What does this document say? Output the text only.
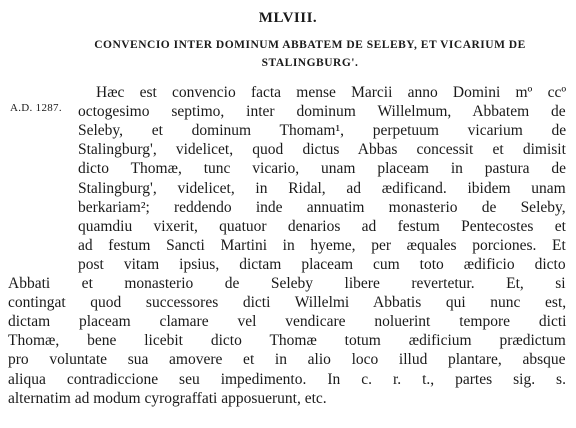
MLVIII.
CONVENCIO INTER DOMINUM ABBATEM DE SELEBY, ET VICARIUM DE STALINGBURG'.
A.D. 1287.
Hæc est convencio facta mense Marcii anno Domini mº ccº
octogesimo septimo, inter dominum Willelmum, Abbatem de
Seleby, et dominum Thomam¹, perpetuum vicarium de
Stalingburg', videlicet, quod dictus Abbas concessit et dimisit
dicto Thomæ, tunc vicario, unam placeam in pastura de
Stalingburg', videlicet, in Ridal, ad ædificand. ibidem unam
berkariam²; reddendo inde annuatim monasterio de Seleby,
quamdiu vixerit, quatuor denarios ad festum Pentecostes et
ad festum Sancti Martini in hyeme, per æquales porciones. Et
post vitam ipsius, dictam placeam cum toto ædificio dicto
Abbati et monasterio de Seleby libere revertetur. Et, si
contingat quod successores dicti Willelmi Abbatis qui nunc est,
dictam placeam clamare vel vendicare noluerint tempore dicti
Thomæ, bene licebit dicto Thomæ totum ædificium prædictum
pro voluntate sua amovere et in alio loco illud plantare, absque
aliqua contradiccione seu impedimento. In c. r. t., partes sig. s.
alternatim ad modum cyrograffati apposuerunt, etc.
